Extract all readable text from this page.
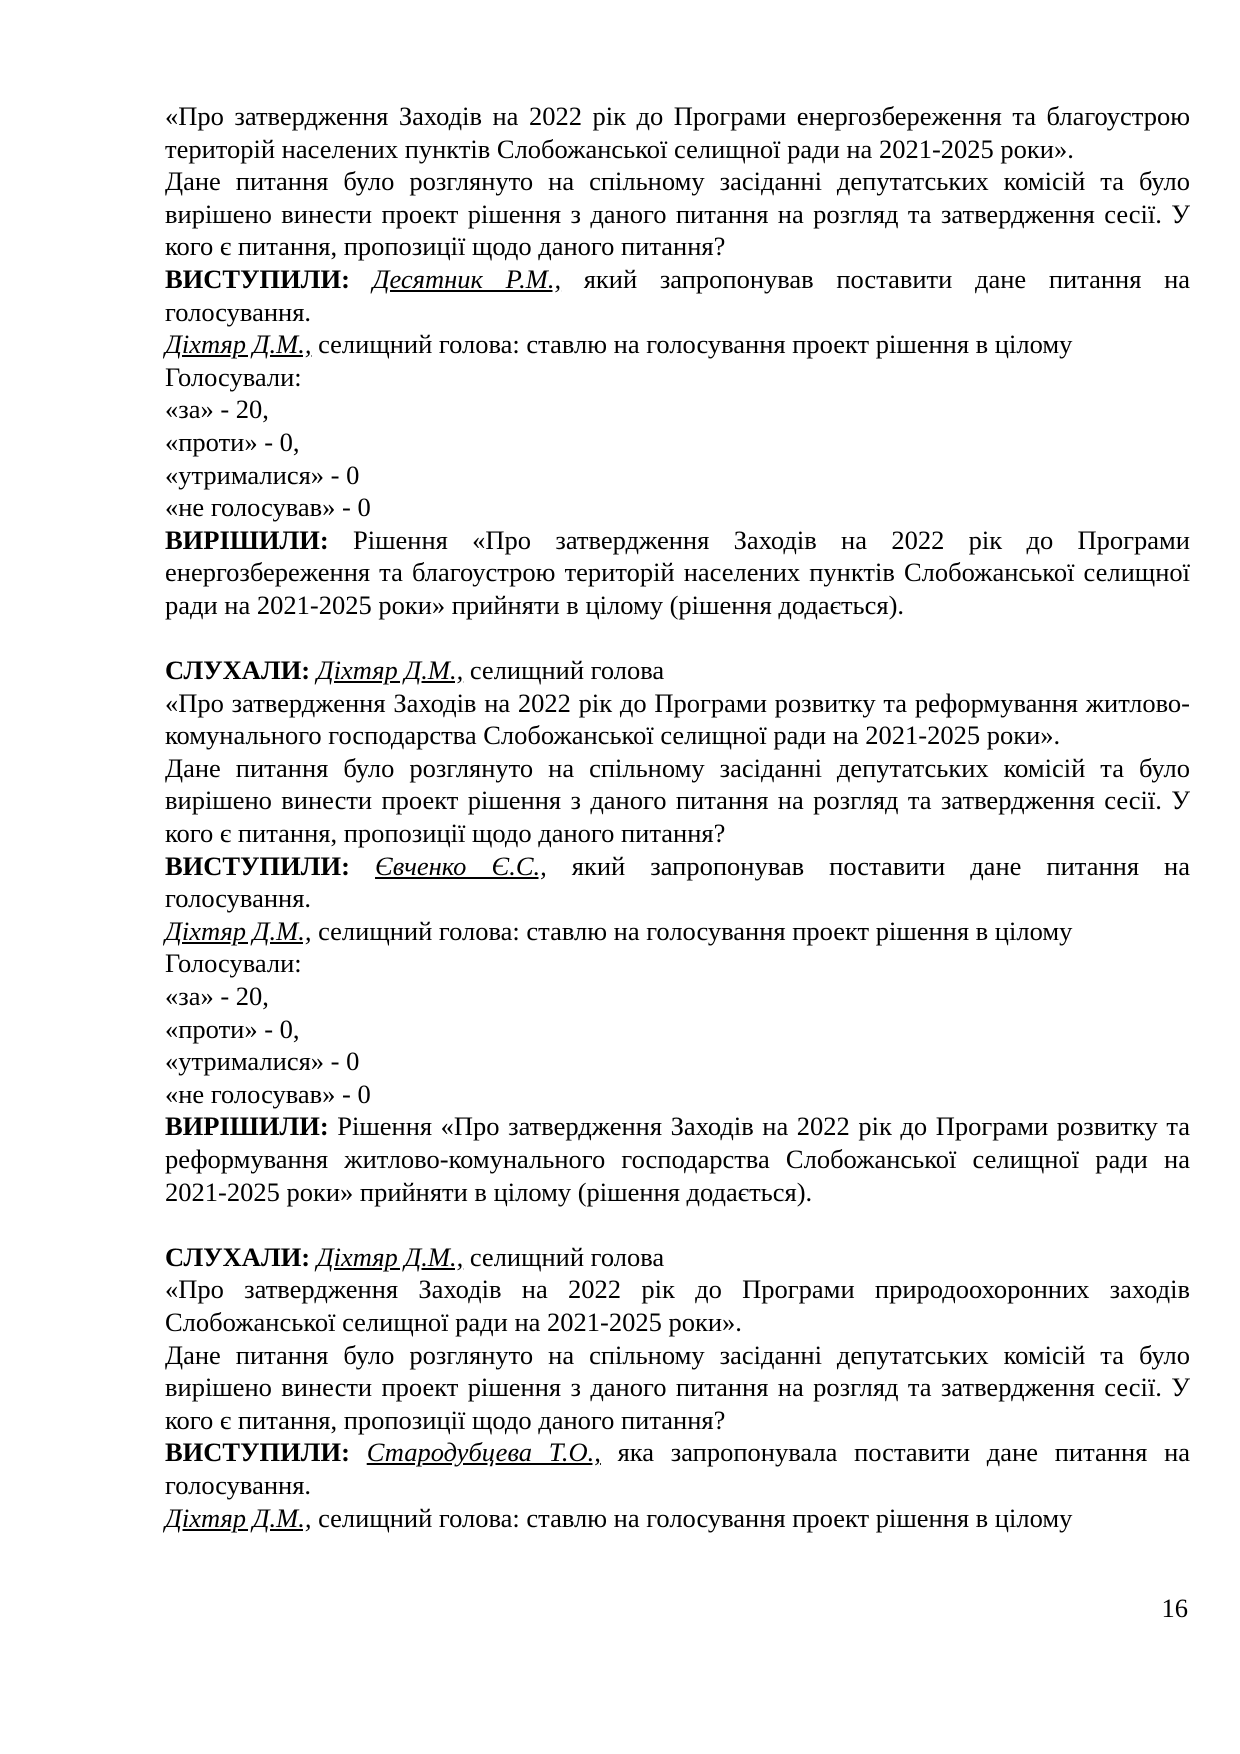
«Про затвердження Заходів на 2022 рік до Програми енергозбереження та благоустрою територій населених пунктів Слобожанської селищної ради на 2021-2025 роки».

Дане питання було розглянуто на спільному засіданні депутатських комісій та було вирішено винести проект рішення з даного питання на розгляд та затвердження сесії. У кого є питання, пропозиції щодо даного питання?

ВИСТУПИЛИ: Десятник Р.М., який запропонував поставити дане питання на голосування.

Діхтяр Д.М., селищний голова: ставлю на голосування проект рішення в цілому

Голосували:

«за» - 20,

«проти» - 0,

«утрималися» - 0

«не голосував» - 0

ВИРІШИЛИ: Рішення «Про затвердження Заходів на 2022 рік до Програми енергозбереження та благоустрою територій населених пунктів Слобожанської селищної ради на 2021-2025 роки» прийняти в цілому (рішення додається).

СЛУХАЛИ: Діхтяр Д.М., селищний голова

«Про затвердження Заходів на 2022 рік до Програми розвитку та реформування житлово-комунального господарства Слобожанської селищної ради на 2021-2025 роки».

Дане питання було розглянуто на спільному засіданні депутатських комісій та було вирішено винести проект рішення з даного питання на розгляд та затвердження сесії. У кого є питання, пропозиції щодо даного питання?

ВИСТУПИЛИ: Євченко Є.С., який запропонував поставити дане питання на голосування.

Діхтяр Д.М., селищний голова: ставлю на голосування проект рішення в цілому

Голосували:

«за» - 20,

«проти» - 0,

«утрималися» - 0

«не голосував» - 0

ВИРІШИЛИ: Рішення «Про затвердження Заходів на 2022 рік до Програми розвитку та реформування житлово-комунального господарства Слобожанської селищної ради на 2021-2025 роки» прийняти в цілому (рішення додається).

СЛУХАЛИ: Діхтяр Д.М., селищний голова

«Про затвердження Заходів на 2022 рік до Програми природоохоронних заходів Слобожанської селищної ради на 2021-2025 роки».

Дане питання було розглянуто на спільному засіданні депутатських комісій та було вирішено винести проект рішення з даного питання на розгляд та затвердження сесії. У кого є питання, пропозиції щодо даного питання?

ВИСТУПИЛИ: Стародубцева Т.О., яка запропонувала поставити дане питання на голосування.

Діхтяр Д.М., селищний голова: ставлю на голосування проект рішення в цілому

16
